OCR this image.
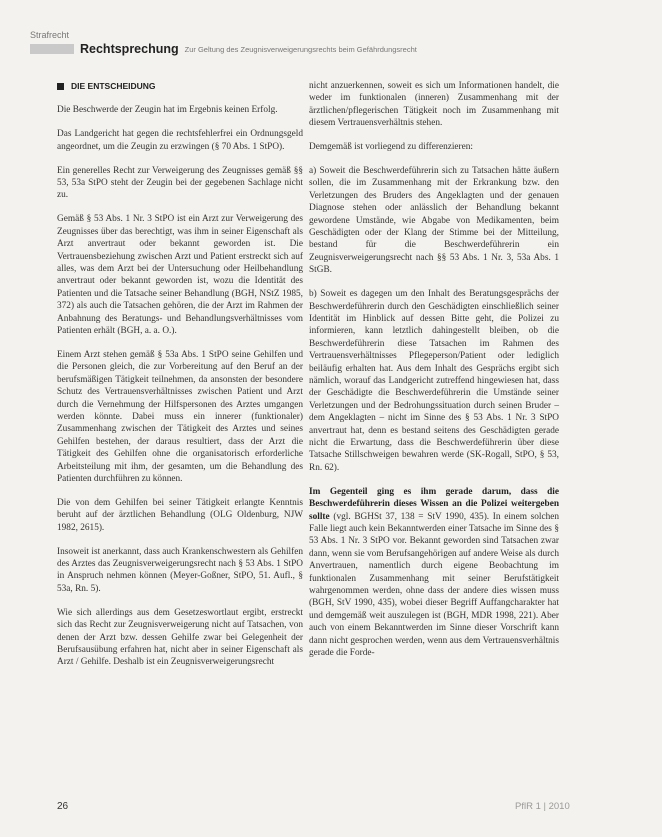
Strafrecht
Rechtsprechung Zur Geltung des Zeugnisverweigerungsrechts beim Gefährdungsrecht
DIE ENTSCHEIDUNG

Die Beschwerde der Zeugin hat im Ergebnis keinen Erfolg.

Das Landgericht hat gegen die rechtsfehlerfrei ein Ordnungsgeld angeordnet, um die Zeugin zu erzwingen (§ 70 Abs. 1 StPO).

Ein generelles Recht zur Verweigerung des Zeugnisses gemäß §§ 53, 53a StPO steht der Zeugin bei der gegebenen Sachlage nicht zu.

Gemäß § 53 Abs. 1 Nr. 3 StPO ist ein Arzt zur Verweigerung des Zeugnisses über das berechtigt, was ihm in seiner Eigenschaft als Arzt anvertraut oder bekannt geworden ist. Die Vertrauensbeziehung zwischen Arzt und Patient erstreckt sich auf alles, was dem Arzt bei der Untersuchung oder Heilbehandlung anvertraut oder bekannt geworden ist, wozu die Identität des Patienten und die Tatsache seiner Behandlung (BGH, NStZ 1985, 372) als auch die Tatsachen gehören, die der Arzt im Rahmen der Anbahnung des Beratungs- und Behandlungsverhältnisses vom Patienten erhält (BGH, a. a. O.).

Einem Arzt stehen gemäß § 53a Abs. 1 StPO seine Gehilfen und die Personen gleich, die zur Vorbereitung auf den Beruf an der berufsmäßigen Tätigkeit teilnehmen, da ansonsten der besondere Schutz des Vertrauensverhältnisses zwischen Patient und Arzt durch die Vernehmung der Hilfspersonen des Arztes umgangen werden könnte. Dabei muss ein innerer (funktionaler) Zusammenhang zwischen der Tätigkeit des Arztes und seines Gehilfen bestehen, der daraus resultiert, dass der Arzt die Tätigkeit des Gehilfen ohne die organisatorisch erforderliche Arbeitsteilung mit ihm, der gesamten, um die Behandlung des Patienten durchführen zu können.

Die von dem Gehilfen bei seiner Tätigkeit erlangte Kenntnis beruht auf der ärztlichen Behandlung (OLG Oldenburg, NJW 1982, 2615).

Insoweit ist anerkannt, dass auch Krankenschwestern als Gehilfen des Arztes das Zeugnisverweigerungsrecht nach § 53 Abs. 1 StPO in Anspruch nehmen können (Meyer-Goßner, StPO, 51. Aufl., § 53a, Rn. 5).

Wie sich allerdings aus dem Gesetzeswortlaut ergibt, erstreckt sich das Recht zur Zeugnisverweigerung nicht auf Tatsachen, von denen der Arzt bzw. dessen Gehilfe zwar bei Gelegenheit der Berufsausübung erfahren hat, nicht aber in seiner Eigenschaft als Arzt / Gehilfe. Deshalb ist ein Zeugnisverweigerungsrecht

nicht anzuerkennen, soweit es sich um Informationen handelt, die weder im funktionalen (inneren) Zusammenhang mit der ärztlichen/pflegerischen Tätigkeit noch im Zusammenhang mit diesem Vertrauensverhältnis stehen.

Demgemäß ist vorliegend zu differenzieren:

a) Soweit die Beschwerdeführerin sich zu Tatsachen hätte äußern sollen, die im Zusammenhang mit der Erkrankung bzw. den Verletzungen des Bruders des Angeklagten und der genauen Diagnose stehen oder anlässlich der Behandlung bekannt gewordene Umstände, wie Abgabe von Medikamenten, beim Geschädigten oder der Klang der Stimme bei der Mitteilung, bestand für die Beschwerdeführerin ein Zeugnisverweigerungsrecht nach §§ 53 Abs. 1 Nr. 3, 53a Abs. 1 StGB.

b) Soweit es dagegen um den Inhalt des Beratungsgesprächs der Beschwerdeführerin durch den Geschädigten einschließlich seiner Identität im Hinblick auf dessen Bitte geht, die Polizei zu informieren, kann letztlich dahingestellt bleiben, ob die Beschwerdeführerin diese Tatsachen im Rahmen des Vertrauensverhältnisses Pflegeperson/Patient oder lediglich beiläufig erhalten hat. Aus dem Inhalt des Gesprächs ergibt sich nämlich, worauf das Landgericht zutreffend hingewiesen hat, dass der Geschädigte die Beschwerdeführerin die Umstände seiner Verletzungen und der Bedrohungssituation durch seinen Bruder – dem Angeklagten – nicht im Sinne des § 53 Abs. 1 Nr. 3 StPO anvertraut hat, denn es bestand seitens des Geschädigten gerade nicht die Erwartung, dass die Beschwerdeführerin über diese Tatsache Stillschweigen bewahren werde (SK-Rogall, StPO, § 53, Rn. 62).

Im Gegenteil ging es ihm gerade darum, dass die Beschwerdeführerin dieses Wissen an die Polizei weitergeben sollte (vgl. BGHSt 37, 138 = StV 1990, 435). In einem solchen Falle liegt auch kein Bekanntwerden einer Tatsache im Sinne des § 53 Abs. 1 Nr. 3 StPO vor. Bekannt geworden sind Tatsachen zwar dann, wenn sie vom Berufsangehörigen auf andere Weise als durch Anvertrauen, namentlich durch eigene Beobachtung im funktionalen Zusammenhang mit seiner Berufstätigkeit wahrgenommen werden, ohne dass der andere dies wissen muss (BGH, StV 1990, 435), wobei dieser Begriff Auffangcharakter hat und demgemäß weit auszulegen ist (BGH, MDR 1998, 221). Aber auch von einem Bekanntwerden im Sinne dieser Vorschrift kann dann nicht gesprochen werden, wenn aus dem Vertrauensverhältnis gerade die Forde-

26	PflR 1 | 2010
